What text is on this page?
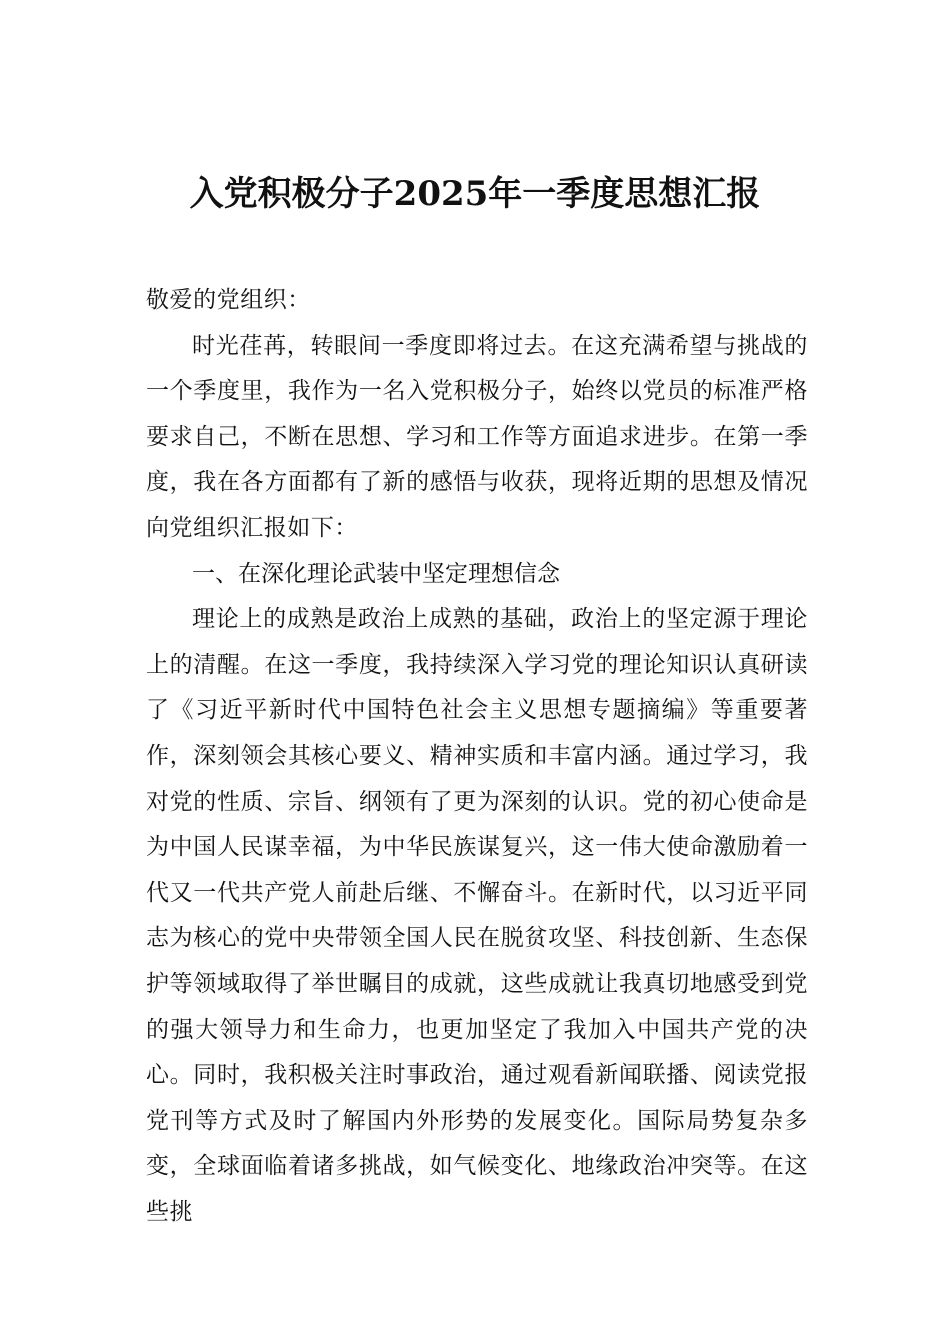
入党积极分子2025年一季度思想汇报

敬爱的党组织：

时光荏苒，转眼间一季度即将过去。在这充满希望与挑战的一个季度里，我作为一名入党积极分子，始终以党员的标准严格要求自己，不断在思想、学习和工作等方面追求进步。在第一季度，我在各方面都有了新的感悟与收获，现将近期的思想及情况向党组织汇报如下：

一、在深化理论武装中坚定理想信念

理论上的成熟是政治上成熟的基础，政治上的坚定源于理论上的清醒。在这一季度，我持续深入学习党的理论知识认真研读了《习近平新时代中国特色社会主义思想专题摘编》等重要著作，深刻领会其核心要义、精神实质和丰富内涵。通过学习，我对党的性质、宗旨、纲领有了更为深刻的认识。党的初心使命是为中国人民谋幸福，为中华民族谋复兴，这一伟大使命激励着一代又一代共产党人前赴后继、不懈奋斗。在新时代，以习近平同志为核心的党中央带领全国人民在脱贫攻坚、科技创新、生态保护等领域取得了举世瞩目的成就，这些成就让我真切地感受到党的强大领导力和生命力，也更加坚定了我加入中国共产党的决心。同时，我积极关注时事政治，通过观看新闻联播、阅读党报党刊等方式及时了解国内外形势的发展变化。国际局势复杂多变，全球面临着诸多挑战，如气候变化、地缘政治冲突等。在这些挑
